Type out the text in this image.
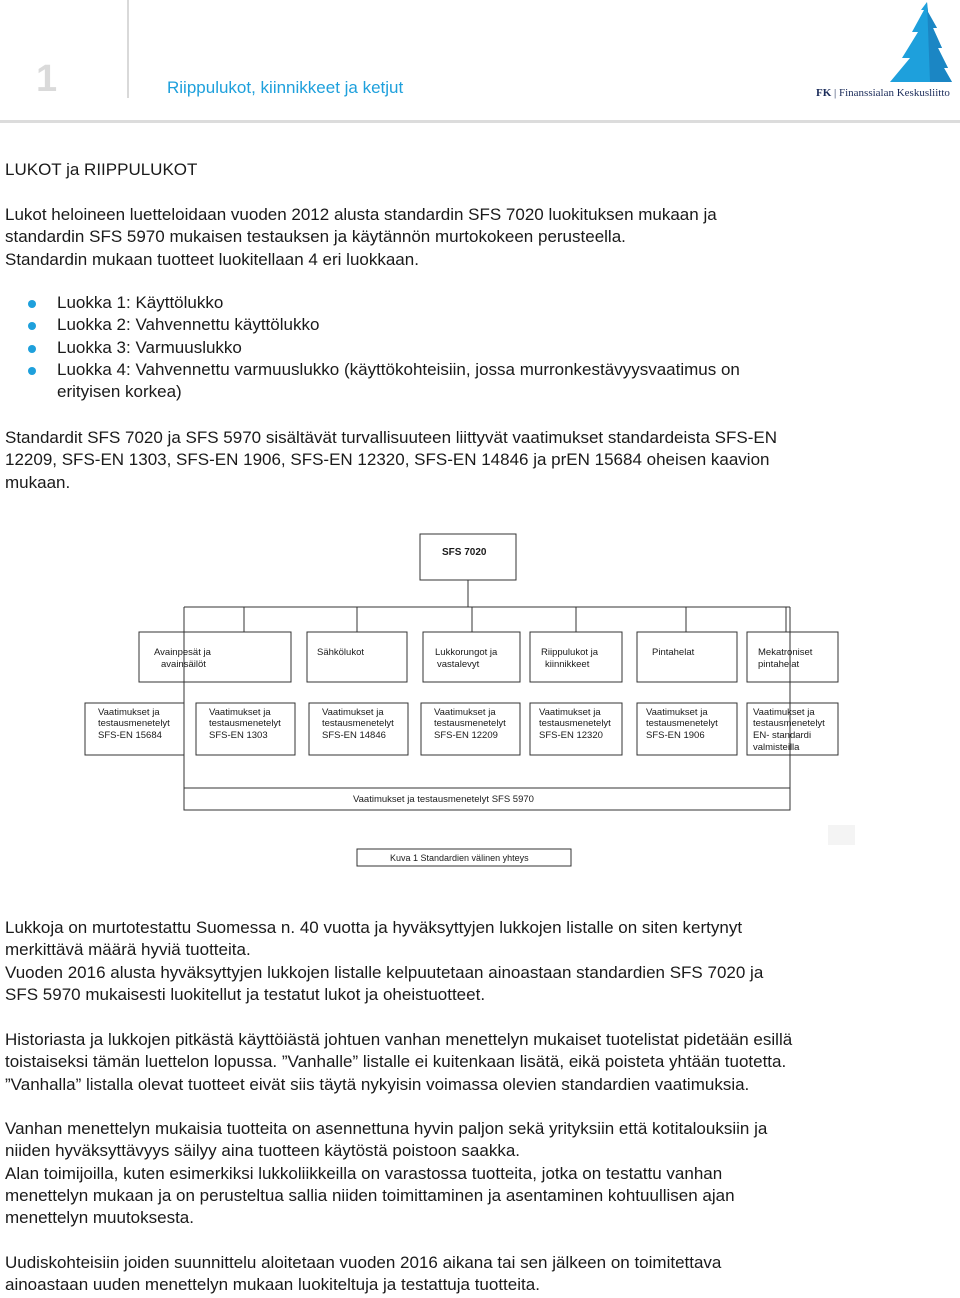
1	Riippulukot, kiinnikkeet ja ketjut	FK | Finanssialan Keskusliitto
LUKOT ja RIIPPULUKOT
Lukot heloineen luetteloidaan vuoden 2012 alusta standardin SFS 7020 luokituksen mukaan ja
standardin SFS 5970 mukaisen testauksen ja käytännön murtokokeen perusteella.
Standardin mukaan tuotteet luokitellaan 4 eri luokkaan.
Luokka 1: Käyttölukko
Luokka 2: Vahvennettu käyttölukko
Luokka 3: Varmuuslukko
Luokka 4: Vahvennettu varmuuslukko (käyttökohteisiin, jossa murronkestävyysvaatimus on
erityisen korkea)
Standardit SFS 7020 ja SFS 5970 sisältävät turvallisuuteen liittyvät vaatimukset standardeista SFS-EN
12209, SFS-EN 1303, SFS-EN 1906, SFS-EN 12320, SFS-EN 14846 ja prEN 15684 oheisen kaavion
mukaan.
SFS 7020
Avainpesät ja avainsäilöt
Sähkölukot	Lukkorungot ja vastalevyt
Riippulukot ja kiinnikkeet
Pintahelat	Mekatroniset pintahelat
Vaatimukset ja testausmenetelyt SFS-EN 15684
Vaatimukset ja testausmenetelyt SFS-EN 1303
Vaatimukset ja testausmenetelyt SFS-EN 14846
Vaatimukset ja testausmenetelyt SFS-EN 12209
Vaatimukset ja testausmenetelyt SFS-EN 12320
Vaatimukset ja testausmenetelyt SFS-EN 1906
Vaatimukset ja testausmenetelyt EN- standardi valmisteilla
Vaatimukset ja testausmenetelyt SFS 5970
Kuva 1 Standardien välinen yhteys
Lukkoja on murtotestattu Suomessa n. 40 vuotta ja hyväksyttyjen lukkojen listalle on siten kertynyt
merkittävä määrä hyviä tuotteita.
Vuoden 2016 alusta hyväksyttyjen lukkojen listalle kelpuutetaan ainoastaan standardien SFS 7020 ja
SFS 5970 mukaisesti luokitellut ja testatut lukot ja oheistuotteet.
Historiasta ja lukkojen pitkästä käyttöiästä johtuen vanhan menettelyn mukaiset tuotelistat pidetään esillä
toistaiseksi tämän luettelon lopussa. ”Vanhalle” listalle ei kuitenkaan lisätä, eikä poisteta yhtään tuotetta.
”Vanhalla” listalla olevat tuotteet eivät siis täytä nykyisin voimassa olevien standardien vaatimuksia.
Vanhan menettelyn mukaisia tuotteita on asennettuna hyvin paljon sekä yrityksiin että kotitalouksiin ja
niiden hyväksyttävyys säilyy aina tuotteen käytöstä poistoon saakka.
Alan toimijoilla, kuten esimerkiksi lukkoliikkeilla on varastossa tuotteita, jotka on testattu vanhan
menettelyn mukaan ja on perusteltua sallia niiden toimittaminen ja asentaminen kohtuullisen ajan
menettelyn muutoksesta.
Uudiskohteisiin joiden suunnittelu aloitetaan vuoden 2016 aikana tai sen jälkeen on toimitettava
ainoastaan uuden menettelyn mukaan luokiteltuja ja testattuja tuotteita.
